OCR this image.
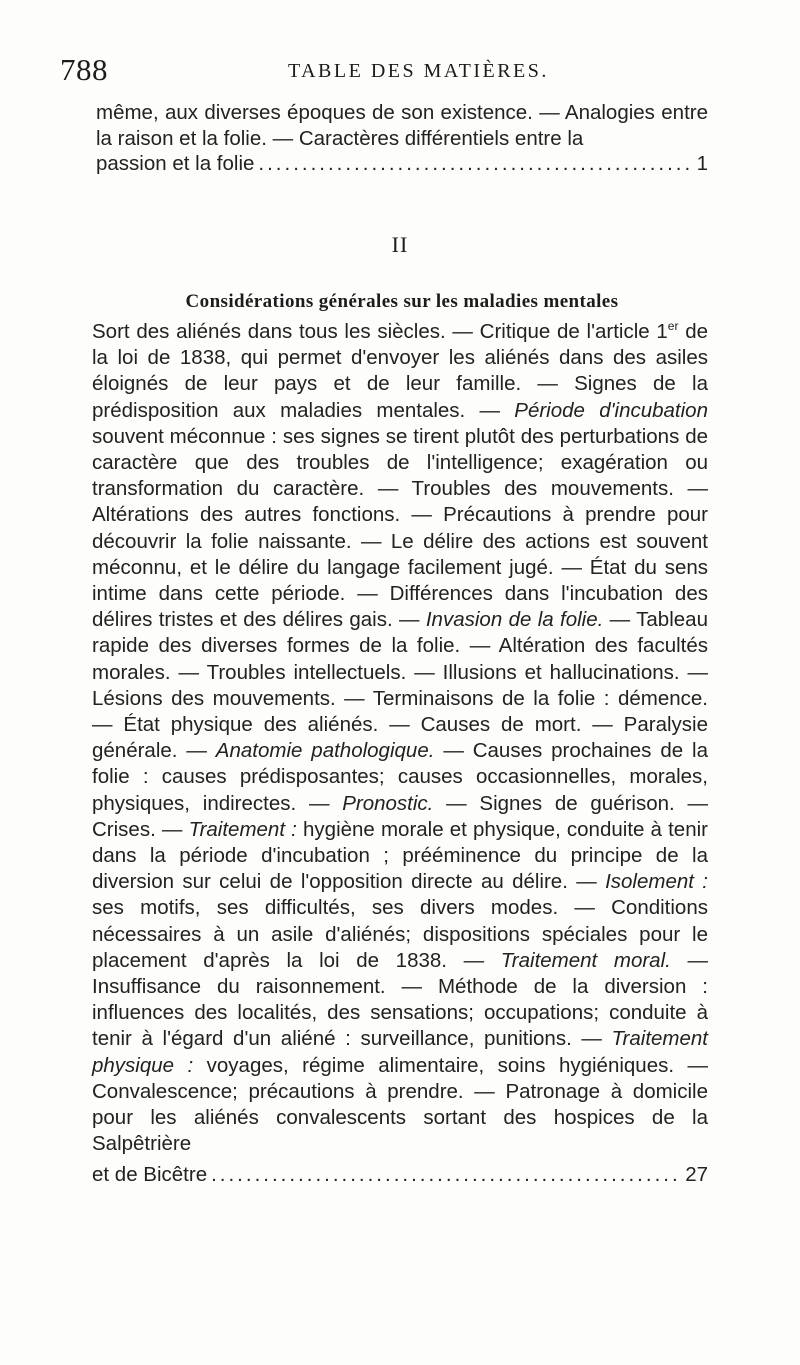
788	TABLE DES MATIÈRES.

même, aux diverses époques de son existence. — Analogies entre la raison et la folie. — Caractères différentiels entre la

passion et la folie .....	1
II
Considérations générales sur les maladies mentales

Sort des aliénés dans tous les siècles. — Critique de l'article 1er de la loi de 1838, qui permet d'envoyer les aliénés dans des asiles éloignés de leur pays et de leur famille. — Signes de la prédisposition aux maladies mentales. — Période d'incubation souvent méconnue : ses signes se tirent plutôt des perturbations de caractère que des troubles de l'intelligence; exagération ou transformation du caractère. — Troubles des mouvements. — Altérations des autres fonctions. — Précautions à prendre pour découvrir la folie naissante. — Le délire des actions est souvent méconnu, et le délire du langage facilement jugé. — État du sens intime dans cette période. — Différences dans l'incubation des délires tristes et des délires gais. — Invasion de la folie. — Tableau rapide des diverses formes de la folie. — Altération des facultés morales. — Troubles intellectuels. — Illusions et hallucinations. — Lésions des mouvements. — Terminaisons de la folie : démence. — État physique des aliénés. — Causes de mort. — Paralysie générale. — Anatomie pathologique. — Causes prochaines de la folie : causes prédisposantes; causes occasionnelles, morales, physiques, indirectes. — Pronostic. — Signes de guérison. — Crises. — Traitement : hygiène morale et physique, conduite à tenir dans la période d'incubation ; prééminence du principe de la diversion sur celui de l'opposition directe au délire. — Isolement : ses motifs, ses difficultés, ses divers modes. — Conditions nécessaires à un asile d'aliénés; dispositions spéciales pour le placement d'après la loi de 1838. — Traitement moral. — Insuffisance du raisonnement. — Méthode de la diversion : influences des localités, des sensations; occupations; conduite à tenir à l'égard d'un aliéné : surveillance, punitions. — Traitement physique : voyages, régime alimentaire, soins hygiéniques. — Convalescence; précautions à prendre. — Patronage à domicile pour les aliénés convalescents sortant des hospices de la Salpêtrière

et de Bicêtre .....	27
